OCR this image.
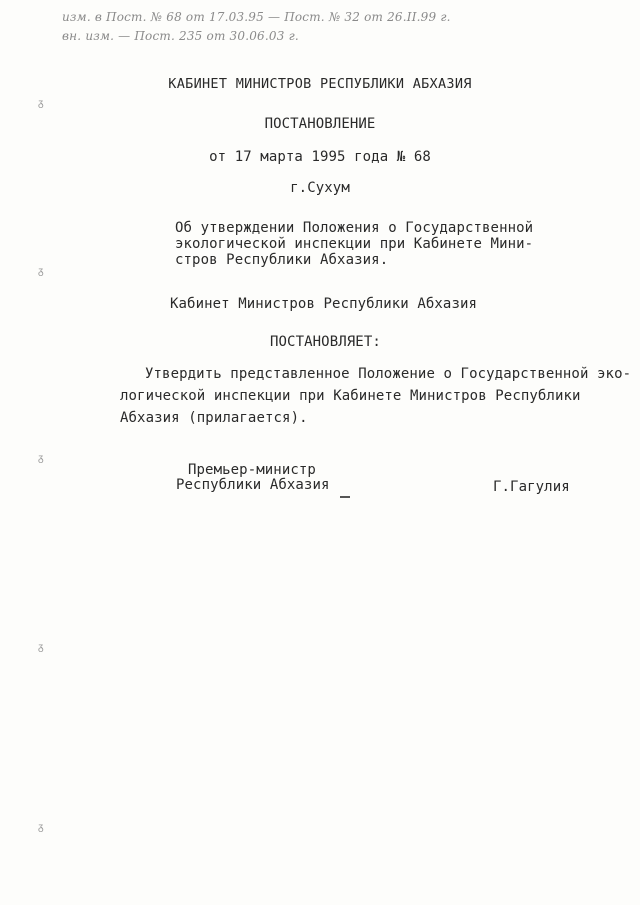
изм. в Пост. № 68 от 17.03.95 — Пост. № 32 от 26.II.99 г.
вн. изм. — Пост. 235 от 30.06.03 г.
КАБИНЕТ МИНИСТРОВ РЕСПУБЛИКИ АБХАЗИЯ
ПОСТАНОВЛЕНИЕ
от 17 марта 1995 года № 68
г.Сухум
Об утверждении Положения о Государственной
экологической инспекции при Кабинете Мини-
стров Республики Абхазия.
Кабинет Министров Республики Абхазия
ПОСТАНОВЛЯЕТ:
Утвердить представленное Положение о Государственной эко-
логической инспекции при Кабинете Министров Республики
Абхазия (прилагается).
Премьер-министр
Республики Абхазия	Г.Гагулия
ᵹ
ᵹ
ᵹ
ᵹ
ᵹ
